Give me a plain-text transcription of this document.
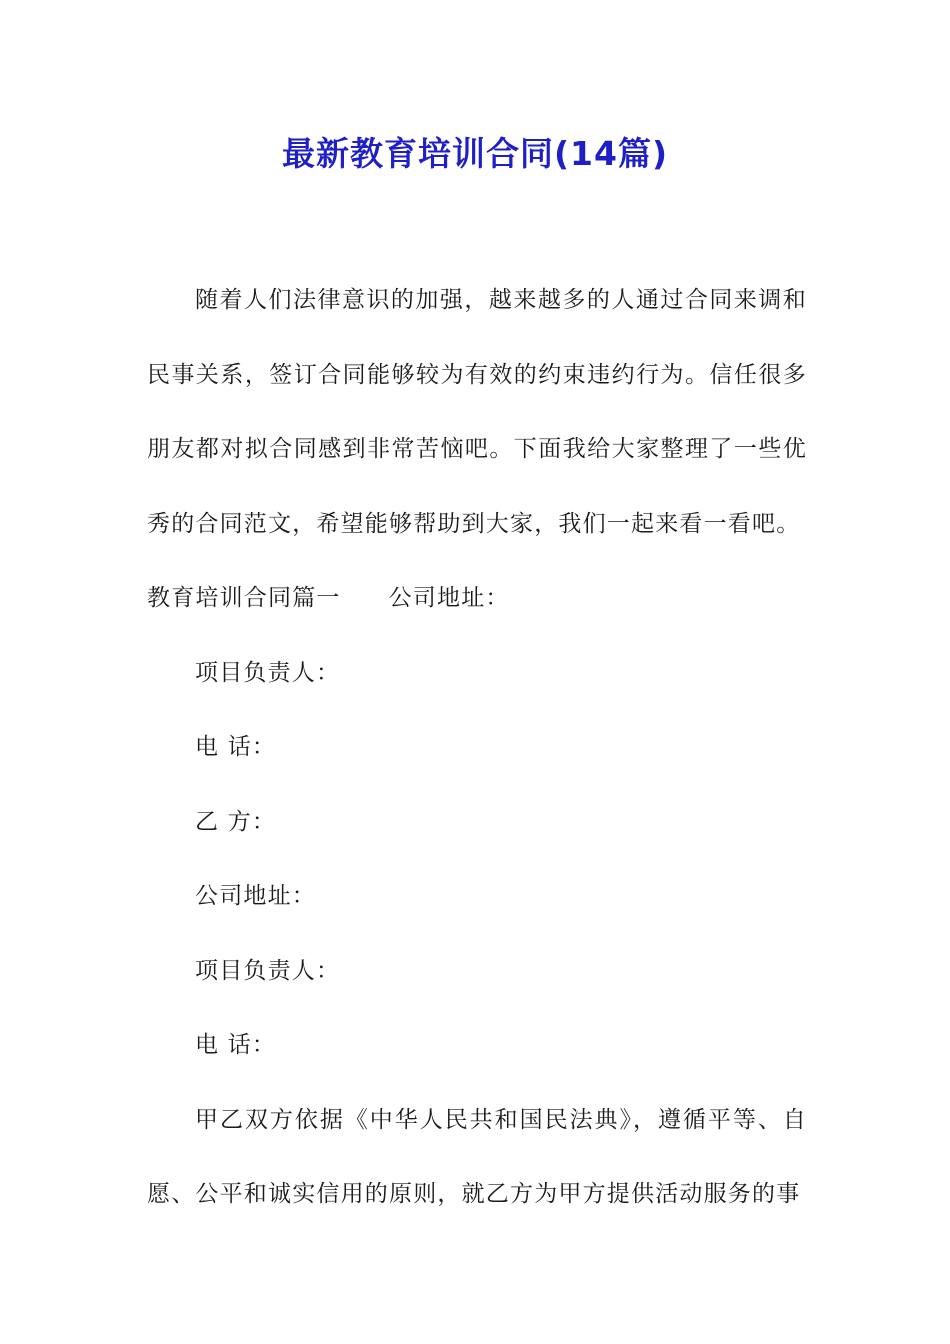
最新教育培训合同(14篇)

随着人们法律意识的加强，越来越多的人通过合同来调和民事关系，签订合同能够较为有效的约束违约行为。信任很多朋友都对拟合同感到非常苦恼吧。下面我给大家整理了一些优秀的合同范文，希望能够帮助到大家，我们一起来看一看吧。

教育培训合同篇一 公司地址：

项目负责人：

电 话：

乙 方：

公司地址：

项目负责人：

电 话：

甲乙双方依据《中华人民共和国民法典》，遵循平等、自愿、公平和诚实信用的原则，就乙方为甲方提供活动服务的事
